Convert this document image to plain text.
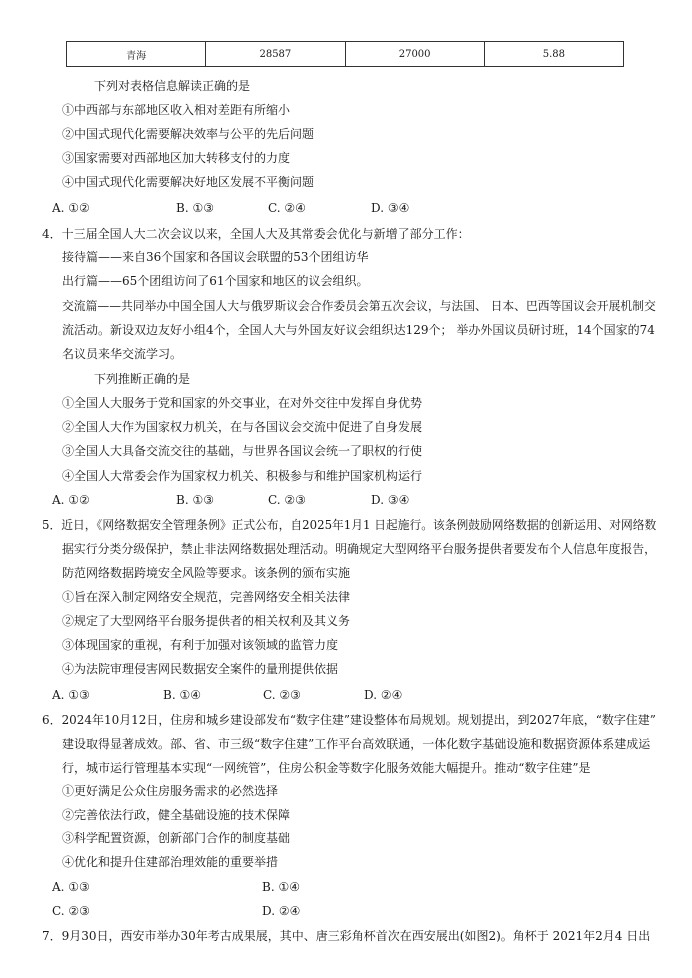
青海	28587	27000	5.88
下列对表格信息解读正确的是
①中西部与东部地区收入相对差距有所缩小
②中国式现代化需要解决效率与公平的先后问题
③国家需要对西部地区加大转移支付的力度
④中国式现代化需要解决好地区发展不平衡问题
A. ①②	B. ①③	C. ②④	D. ③④
4．十三届全国人大二次会议以来，全国人大及其常委会优化与新增了部分工作：
接待篇——来自36个国家和各国议会联盟的53个团组访华
出行篇——65个团组访问了61个国家和地区的议会组织。
交流篇——共同举办中国全国人大与俄罗斯议会合作委员会第五次会议，与法国、 日本、巴西等国议会开展机制交
流活动。新设双边友好小组4个，全国人大与外国友好议会组织达129个； 举办外国议员研讨班，14个国家的74
名议员来华交流学习。
下列推断正确的是
①全国人大服务于党和国家的外交事业，在对外交往中发挥自身优势
②全国人大作为国家权力机关，在与各国议会交流中促进了自身发展
③全国人大具备交流交往的基础，与世界各国议会统一了职权的行使
④全国人大常委会作为国家权力机关、积极参与和维护国家机构运行
A. ①②	B. ①③	C. ②③	D. ③④
5．近日，《网络数据安全管理条例》正式公布，自2025年1月1 日起施行。该条例鼓励网络数据的创新运用、对网络数
据实行分类分级保护，禁止非法网络数据处理活动。明确规定大型网络平台服务提供者要发布个人信息年度报告，
防范网络数据跨境安全风险等要求。该条例的颁布实施
①旨在深入制定网络安全规范，完善网络安全相关法律
②规定了大型网络平台服务提供者的相关权利及其义务
③体现国家的重视，有利于加强对该领域的监管力度
④为法院审理侵害网民数据安全案件的量刑提供依据
A. ①③	B. ①④	C. ②③	D. ②④
6．2024年10月12日，住房和城乡建设部发布“数字住建”建设整体布局规划。规划提出，到2027年底，“数字住建”
建设取得显著成效。部、省、市三级“数字住建”工作平台高效联通，一体化数字基础设施和数据资源体系建成运
行，城市运行管理基本实现“一网统管”，住房公积金等数字化服务效能大幅提升。推动“数字住建”是
①更好满足公众住房服务需求的必然选择
②完善依法行政，健全基础设施的技术保障
③科学配置资源，创新部门合作的制度基础
④优化和提升住建部治理效能的重要举措
A. ①③	B. ①④
C. ②③	D. ②④
7．9月30日，西安市举办30年考古成果展，其中、唐三彩角杯首次在西安展出(如图2)。角杯于 2021年2月4 日出
